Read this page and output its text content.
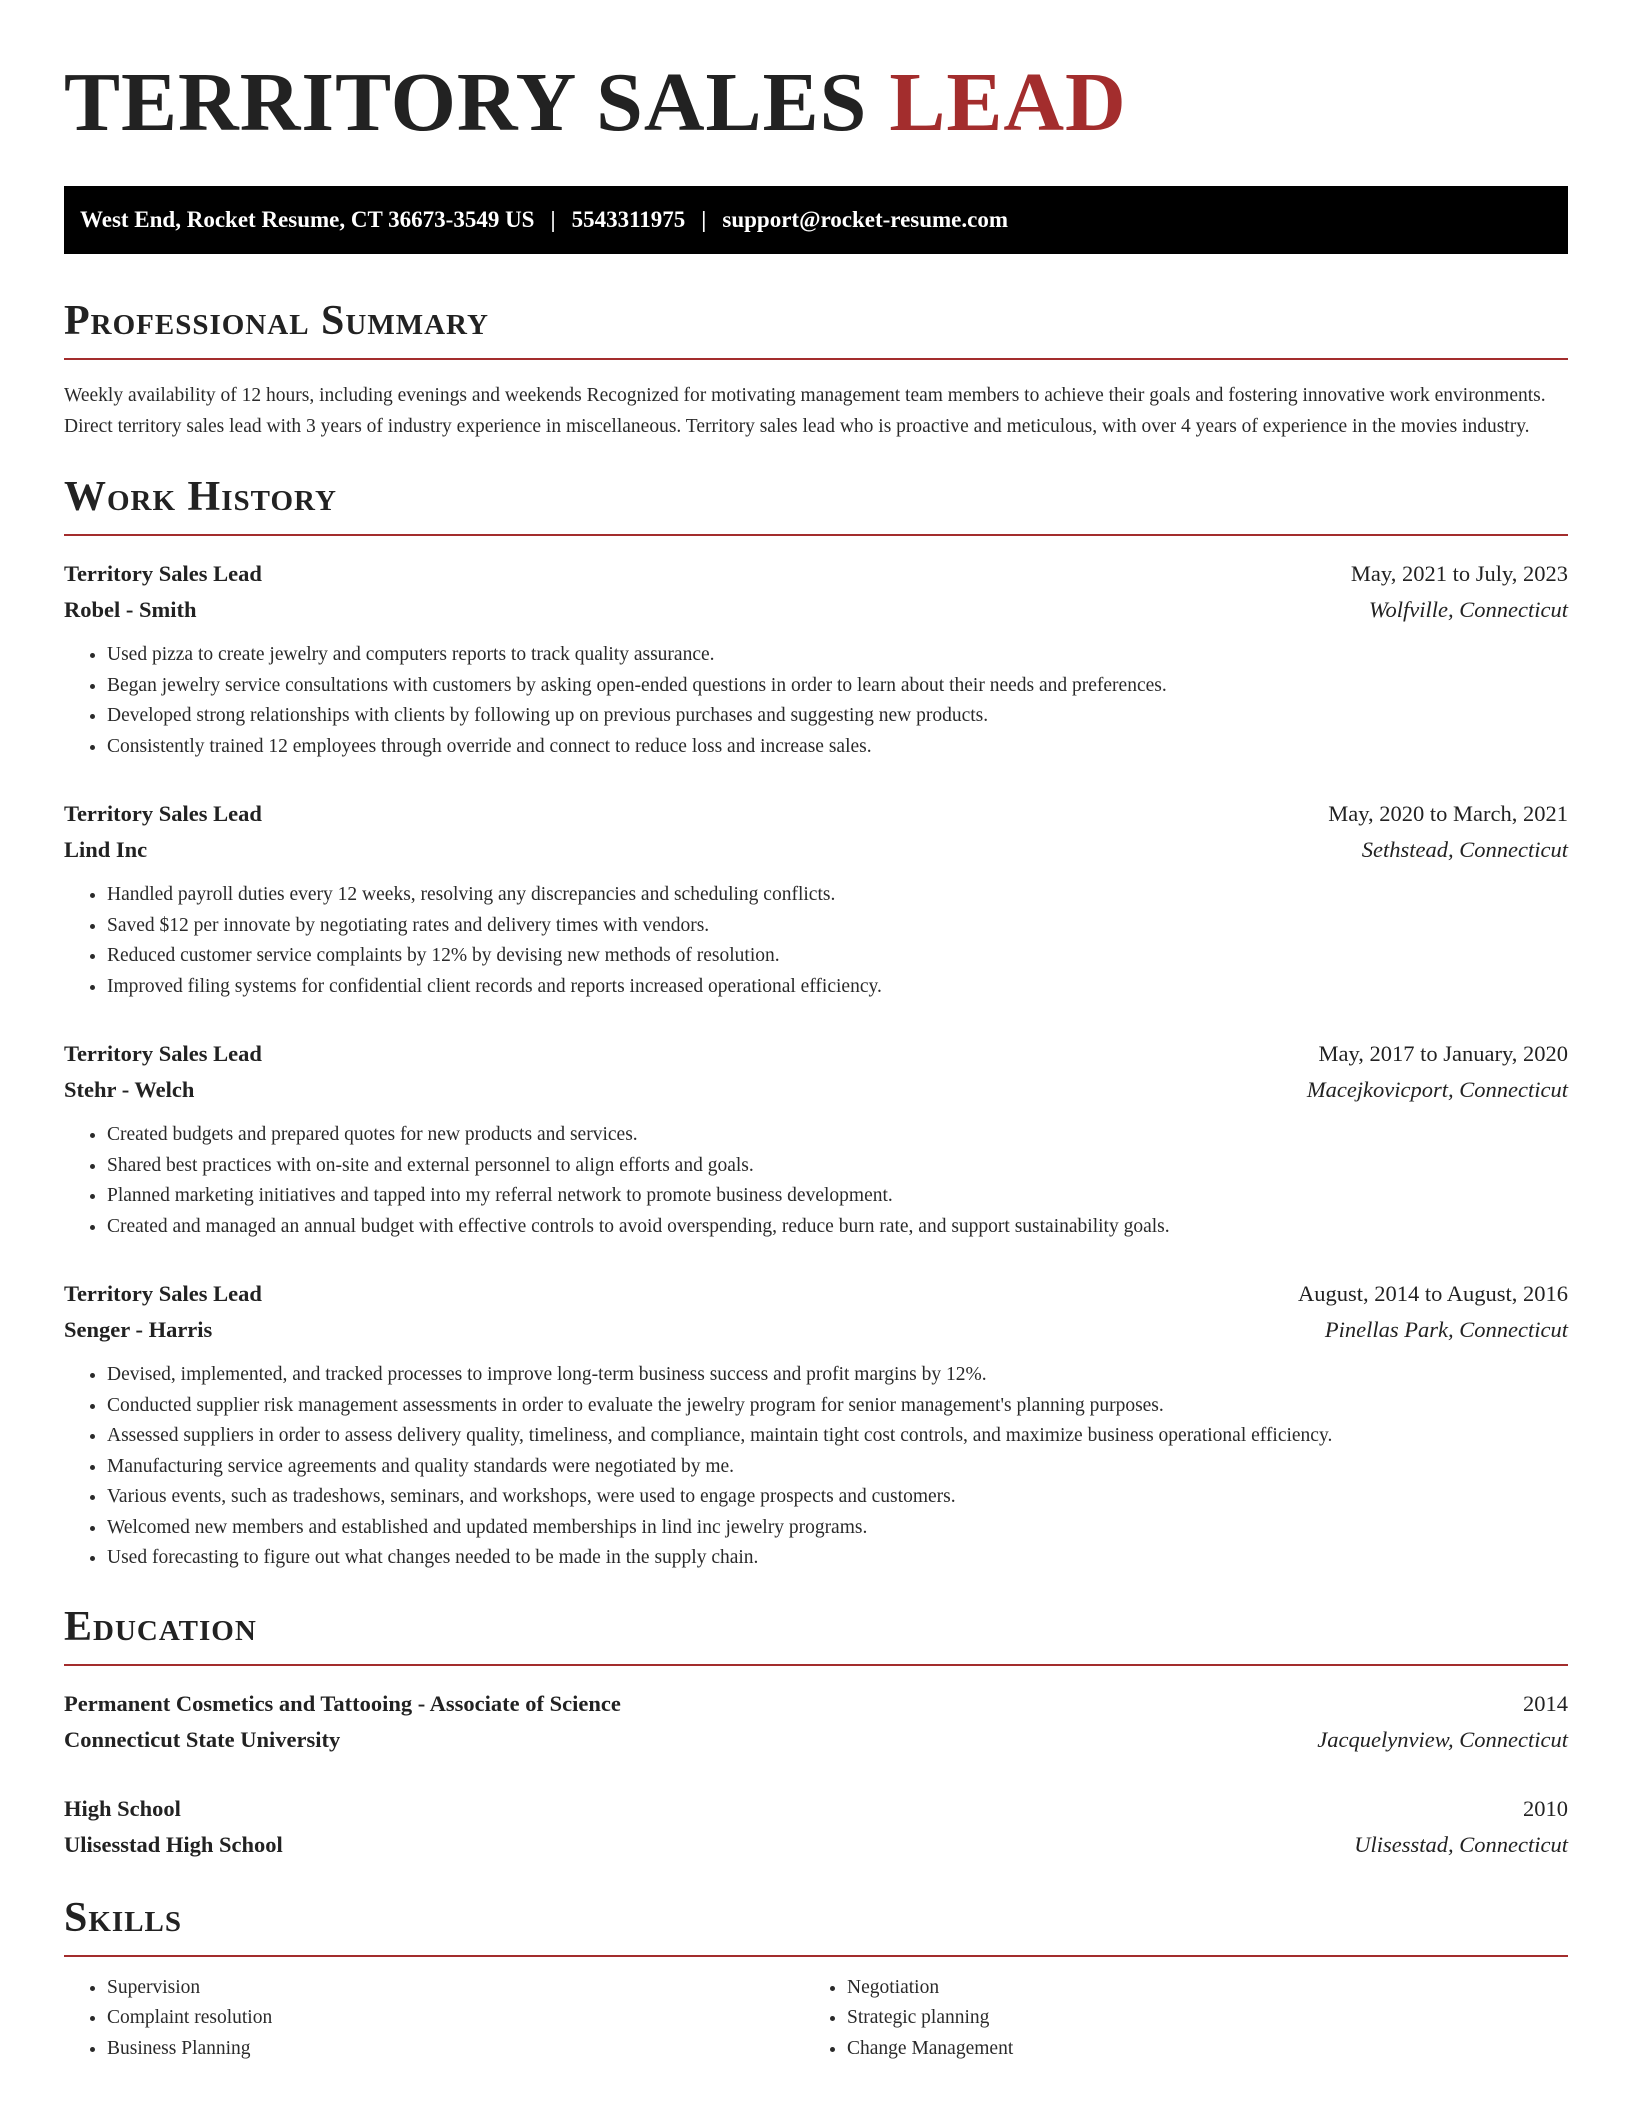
TERRITORY SALES LEAD
West End, Rocket Resume, CT 36673-3549 US | 5543311975 | support@rocket-resume.com
Professional Summary

Weekly availability of 12 hours, including evenings and weekends Recognized for motivating management team members to achieve their goals and fostering innovative work environments. Direct territory sales lead with 3 years of industry experience in miscellaneous. Territory sales lead who is proactive and meticulous, with over 4 years of experience in the movies industry.

Work History
Territory Sales Lead	May, 2021 to July, 2023
Robel - Smith	Wolfville, Connecticut
• Used pizza to create jewelry and computers reports to track quality assurance.
• Began jewelry service consultations with customers by asking open-ended questions in order to learn about their needs and preferences.
• Developed strong relationships with clients by following up on previous purchases and suggesting new products.
• Consistently trained 12 employees through override and connect to reduce loss and increase sales.
Territory Sales Lead	May, 2020 to March, 2021
Lind Inc	Sethstead, Connecticut
• Handled payroll duties every 12 weeks, resolving any discrepancies and scheduling conflicts.
• Saved $12 per innovate by negotiating rates and delivery times with vendors.
• Reduced customer service complaints by 12% by devising new methods of resolution.
• Improved filing systems for confidential client records and reports increased operational efficiency.
Territory Sales Lead	May, 2017 to January, 2020
Stehr - Welch	Macejkovicport, Connecticut
• Created budgets and prepared quotes for new products and services.
• Shared best practices with on-site and external personnel to align efforts and goals.
• Planned marketing initiatives and tapped into my referral network to promote business development.
• Created and managed an annual budget with effective controls to avoid overspending, reduce burn rate, and support sustainability goals.
Territory Sales Lead	August, 2014 to August, 2016
Senger - Harris	Pinellas Park, Connecticut
• Devised, implemented, and tracked processes to improve long-term business success and profit margins by 12%.
• Conducted supplier risk management assessments in order to evaluate the jewelry program for senior management's planning purposes.
• Assessed suppliers in order to assess delivery quality, timeliness, and compliance, maintain tight cost controls, and maximize business operational efficiency.
• Manufacturing service agreements and quality standards were negotiated by me.
• Various events, such as tradeshows, seminars, and workshops, were used to engage prospects and customers.
• Welcomed new members and established and updated memberships in lind inc jewelry programs.
• Used forecasting to figure out what changes needed to be made in the supply chain.
Education
Permanent Cosmetics and Tattooing - Associate of Science	2014
Connecticut State University	Jacquelynview, Connecticut
High School	2010
Ulisesstad High School	Ulisesstad, Connecticut
Skills
• Supervision
• Complaint resolution
• Business Planning
• Negotiation
• Strategic planning
• Change Management
